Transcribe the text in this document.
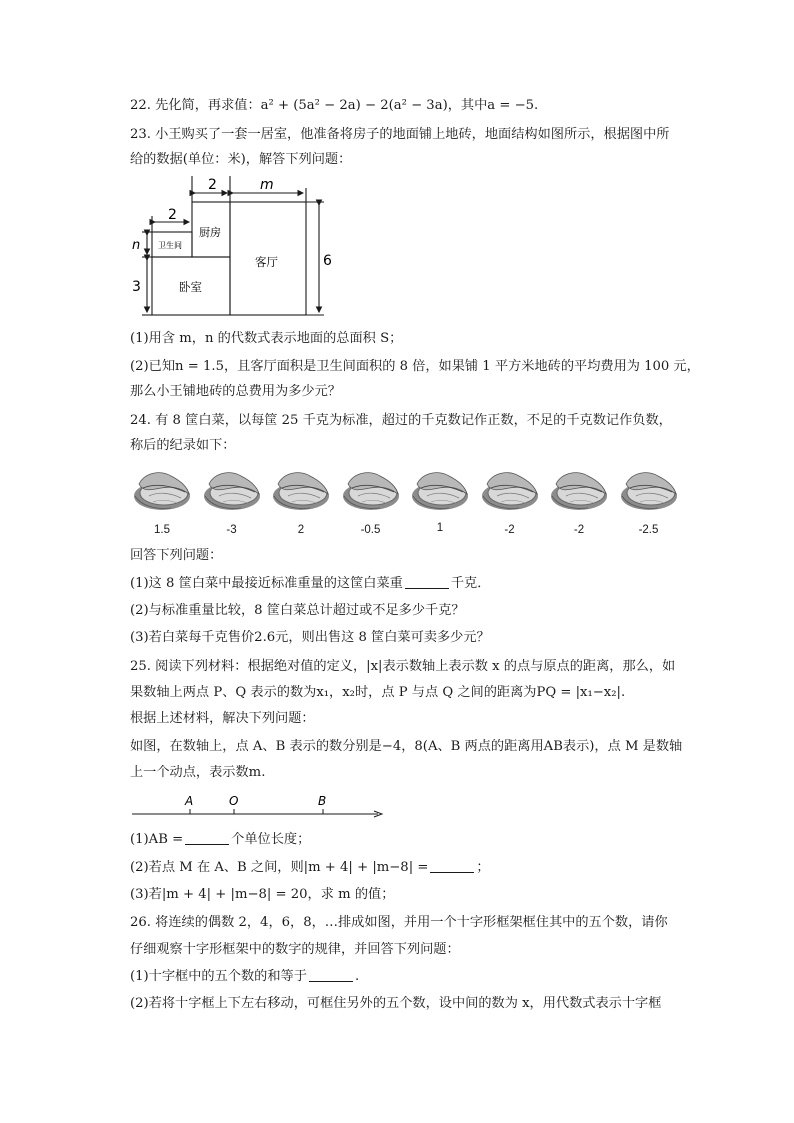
22. 先化简，再求值：a² + (5a² − 2a) − 2(a² − 3a)，其中a = −5.
23. 小王购买了一套一居室，他准备将房子的地面铺上地砖，地面结构如图所示，根据图中所
给的数据(单位：米)，解答下列问题：
2	m
2
n
3
6
厨房
卫生间
客厅
卧室
(1)用含 m，n 的代数式表示地面的总面积 S；
(2)已知n = 1.5，且客厅面积是卫生间面积的 8 倍，如果铺 1 平方米地砖的平均费用为 100 元，
那么小王铺地砖的总费用为多少元？
24. 有 8 筐白菜，以每筐 25 千克为标准，超过的千克数记作正数，不足的千克数记作负数，
称后的纪录如下：
1.5	-3	2	-0.5	1	-2	-2	-2.5
回答下列问题：
(1)这 8 筐白菜中最接近标准重量的这筐白菜重	千克．
(2)与标准重量比较，8 筐白菜总计超过或不足多少千克？
(3)若白菜每千克售价2.6元，则出售这 8 筐白菜可卖多少元？
25. 阅读下列材料：根据绝对值的定义，|x|表示数轴上表示数 x 的点与原点的距离，那么，如
果数轴上两点 P、Q 表示的数为x₁，x₂时，点 P 与点 Q 之间的距离为PQ = |x₁−x₂|.
根据上述材料，解决下列问题：
如图，在数轴上，点 A、B 表示的数分别是−4，8(A、B 两点的距离用AB表示)，点 M 是数轴
上一个动点，表示数m.
A	O	B
(1)AB =	个单位长度；
(2)若点 M 在 A、B 之间，则|m + 4| + |m−8| =	；
(3)若|m + 4| + |m−8| = 20，求 m 的值；
26. 将连续的偶数 2，4，6，8，…排成如图，并用一个十字形框架框住其中的五个数，请你
仔细观察十字形框架中的数字的规律，并回答下列问题：
(1)十字框中的五个数的和等于	.
(2)若将十字框上下左右移动，可框住另外的五个数，设中间的数为 x，用代数式表示十字框
